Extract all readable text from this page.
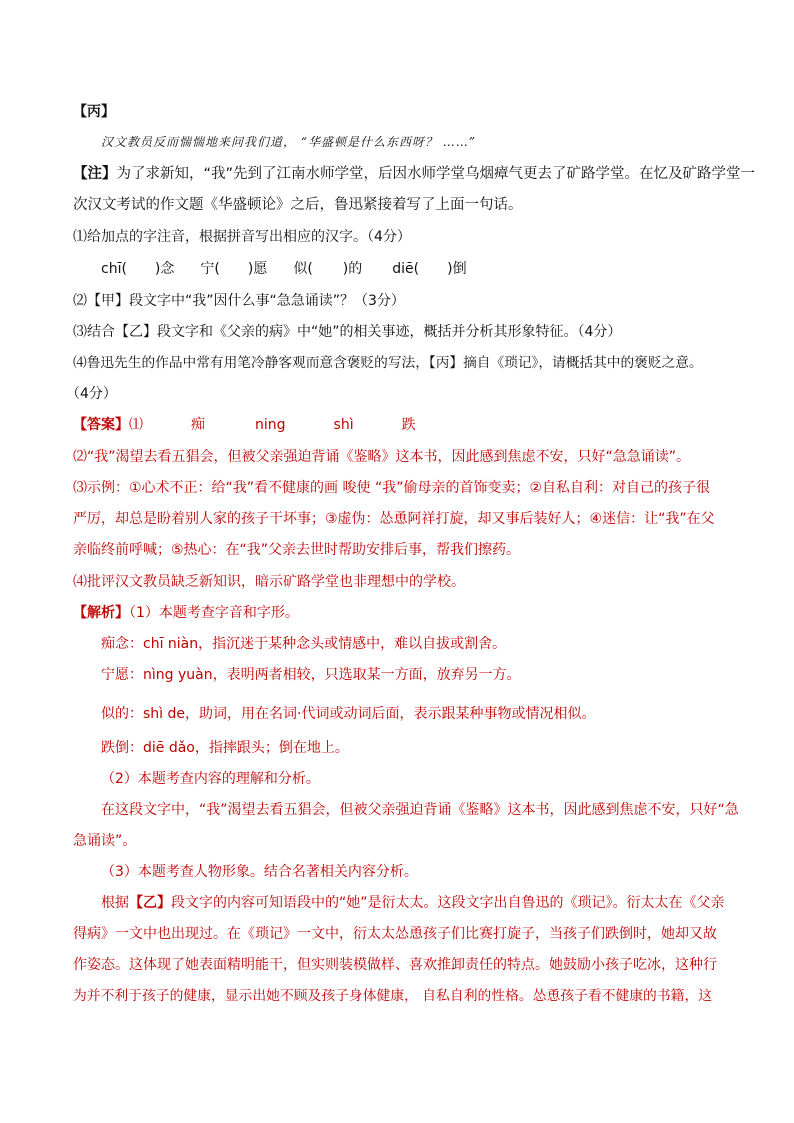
【丙】
汉文教员反而惴惴地来问我们道， “华盛顿是什么东西呀？ ……”
【注】为了求新知，“我”先到了江南水师学堂，后因水师学堂乌烟瘴气更去了矿路学堂。在忆及矿路学堂一
次汉文考试的作文题《华盛顿论》之后，鲁迅紧接着写了上面一句话。
⑴给加点的字注音，根据拼音写出相应的汉字。（4分）
chī( )念 宁( )愿 似( )的 diē( )倒
⑵【甲】段文字中“我”因什么事“急急诵读”？（3分）
⑶结合【乙】段文字和《父亲的病》中“她”的相关事迹，概括并分析其形象特征。（4分）
⑷鲁迅先生的作品中常有用笔冷静客观而意含褒贬的写法，【丙】摘自《琐记》，请概括其中的褒贬之意。
（4分）
【答案】⑴	痴	ning	shì	跌
⑵“我”渴望去看五猖会，但被父亲强迫背诵《鉴略》这本书，因此感到焦虑不安，只好“急急诵读”。
⑶示例：①心术不正：给“我”看不健康的画 唆使 “我”偷母亲的首饰变卖；②自私自利：对自己的孩子很
严厉，却总是盼着别人家的孩子干坏事；③虚伪：怂恿阿祥打旋，却又事后装好人；④迷信：让“我”在父
亲临终前呼喊；⑤热心：在“我”父亲去世时帮助安排后事，帮我们擦药。
⑷批评汉文教员缺乏新知识，暗示矿路学堂也非理想中的学校。
【解析】（1）本题考查字音和字形。
痴念：chī niàn，指沉迷于某种念头或情感中，难以自拔或割舍。
宁愿：nìng yuàn，表明两者相较，只选取某一方面，放弃另一方。
似的：shì de，助词，用在名词·代词或动词后面，表示跟某种事物或情况相似。
跌倒：diē dǎo，指摔跟头；倒在地上。
（2）本题考查内容的理解和分析。
在这段文字中，“我”渴望去看五猖会，但被父亲强迫背诵《鉴略》这本书，因此感到焦虑不安，只好“急
急诵读”。
（3）本题考查人物形象。结合名著相关内容分析。
根据【乙】段文字的内容可知语段中的“她”是衍太太。这段文字出自鲁迅的《琐记》。衍太太在《父亲
得病》一文中也出现过。在《琐记》一文中，衍太太怂恿孩子们比赛打旋子，当孩子们跌倒时，她却又故
作姿态。这体现了她表面精明能干，但实则装模做样、喜欢推卸责任的特点。她鼓励小孩子吃冰，这种行
为并不利于孩子的健康，显示出她不顾及孩子身体健康， 自私自利的性格。怂恿孩子看不健康的书籍，这
